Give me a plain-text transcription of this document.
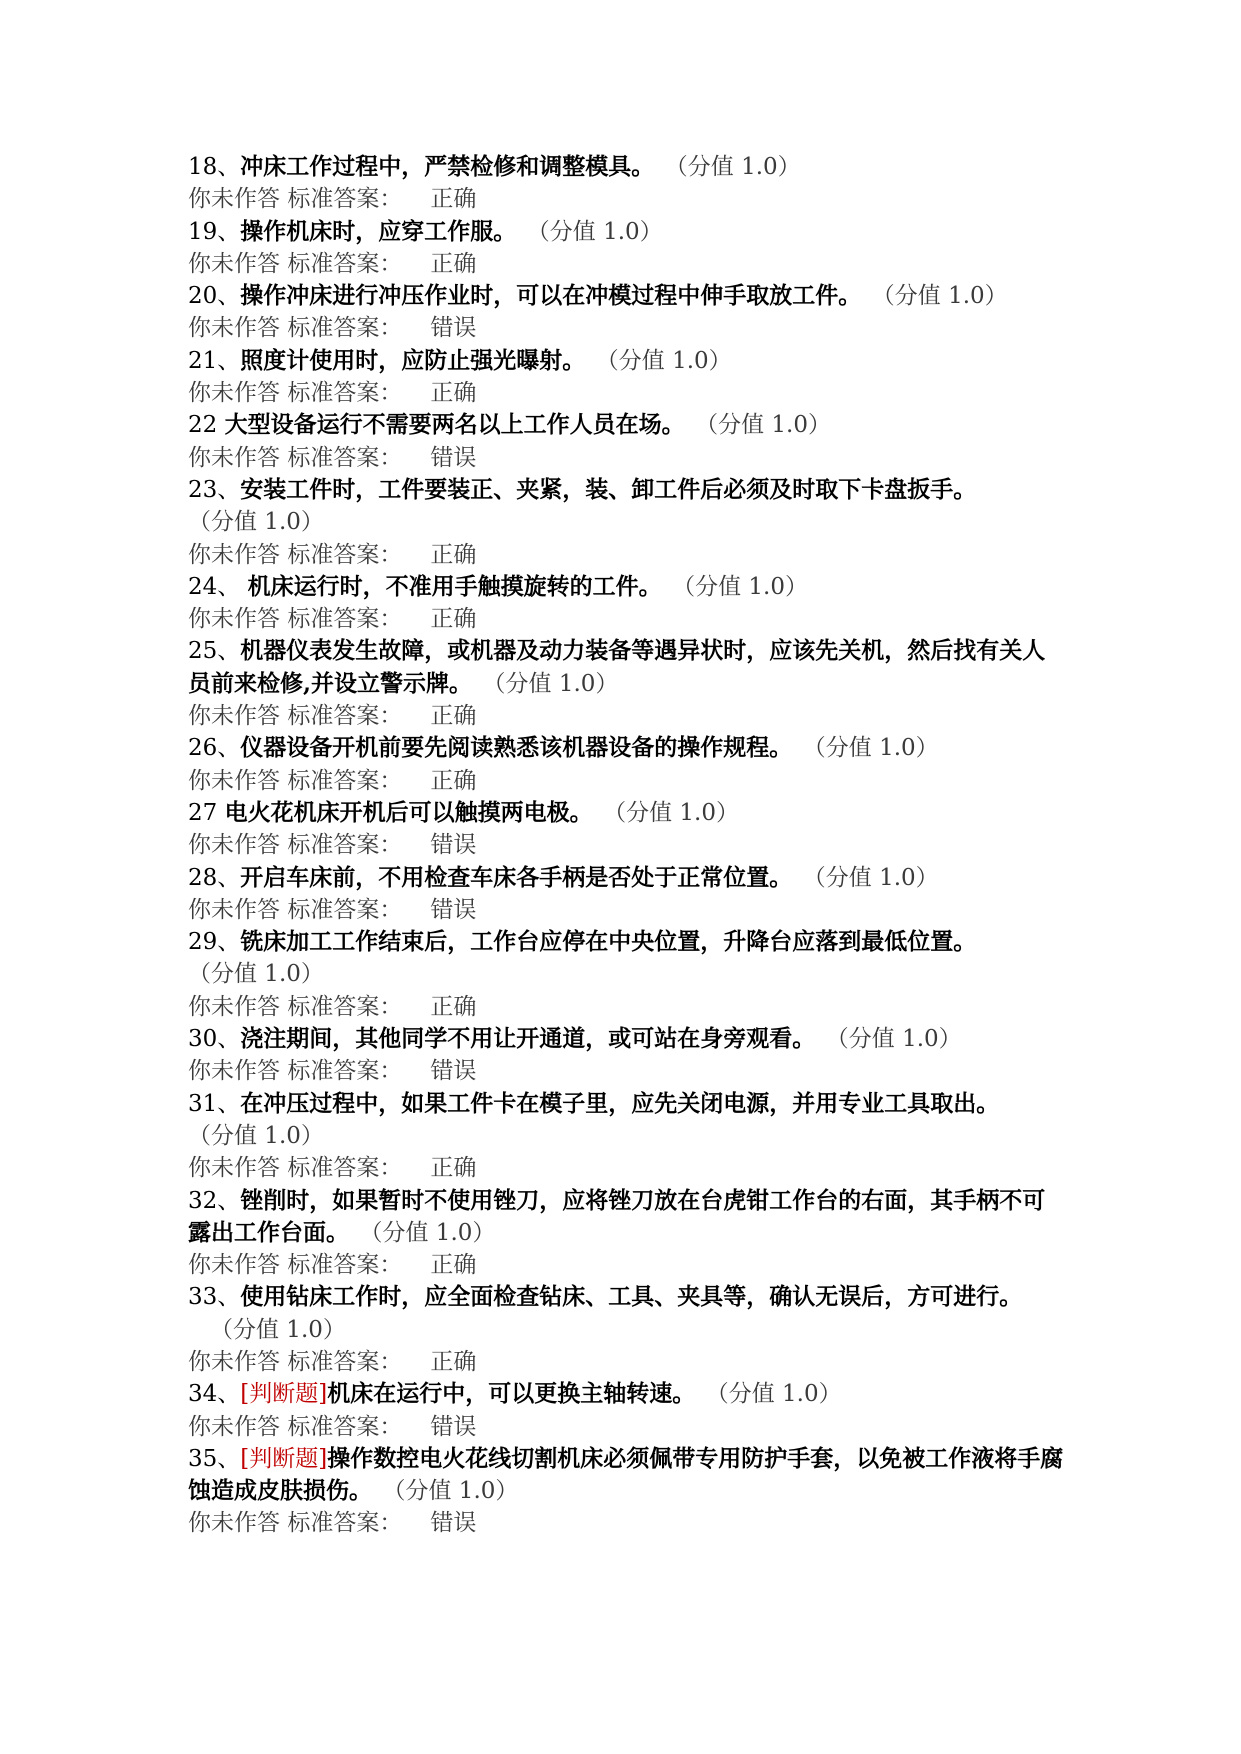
18、冲床工作过程中，严禁检修和调整模具。 （分值 1.0）
你未作答 标准答案： 正确
19、操作机床时，应穿工作服。 （分值 1.0）
你未作答 标准答案： 正确
20、操作冲床进行冲压作业时，可以在冲模过程中伸手取放工件。 （分值 1.0）
你未作答 标准答案： 错误
21、照度计使用时，应防止强光曝射。 （分值 1.0）
你未作答 标准答案： 正确
22 大型设备运行不需要两名以上工作人员在场。 （分值 1.0）
你未作答 标准答案： 错误
23、安装工件时，工件要装正、夹紧，装、卸工件后必须及时取下卡盘扳手。
（分值 1.0）
你未作答 标准答案： 正确
24、 机床运行时，不准用手触摸旋转的工件。 （分值 1.0）
你未作答 标准答案： 正确
25、机器仪表发生故障，或机器及动力装备等遇异状时，应该先关机，然后找有关人员前来检修,并设立警示牌。 （分值 1.0）
你未作答 标准答案： 正确
26、仪器设备开机前要先阅读熟悉该机器设备的操作规程。 （分值 1.0）
你未作答 标准答案： 正确
27 电火花机床开机后可以触摸两电极。 （分值 1.0）
你未作答 标准答案： 错误
28、开启车床前，不用检查车床各手柄是否处于正常位置。 （分值 1.0）
你未作答 标准答案： 错误
29、铣床加工工作结束后，工作台应停在中央位置，升降台应落到最低位置。
（分值 1.0）
你未作答 标准答案： 正确
30、浇注期间，其他同学不用让开通道，或可站在身旁观看。 （分值 1.0）
你未作答 标准答案： 错误
31、在冲压过程中，如果工件卡在模子里，应先关闭电源，并用专业工具取出。
（分值 1.0）
你未作答 标准答案： 正确
32、锉削时，如果暂时不使用锉刀，应将锉刀放在台虎钳工作台的右面，其手柄不可露出工作台面。 （分值 1.0）
你未作答 标准答案： 正确
33、使用钻床工作时，应全面检查钻床、工具、夹具等，确认无误后，方可进行。（分值 1.0）
你未作答 标准答案： 正确
34、[判断题]机床在运行中，可以更换主轴转速。 （分值 1.0）
你未作答 标准答案： 错误
35、[判断题]操作数控电火花线切割机床必须佩带专用防护手套，以免被工作液将手腐蚀造成皮肤损伤。 （分值 1.0）
你未作答 标准答案： 错误
